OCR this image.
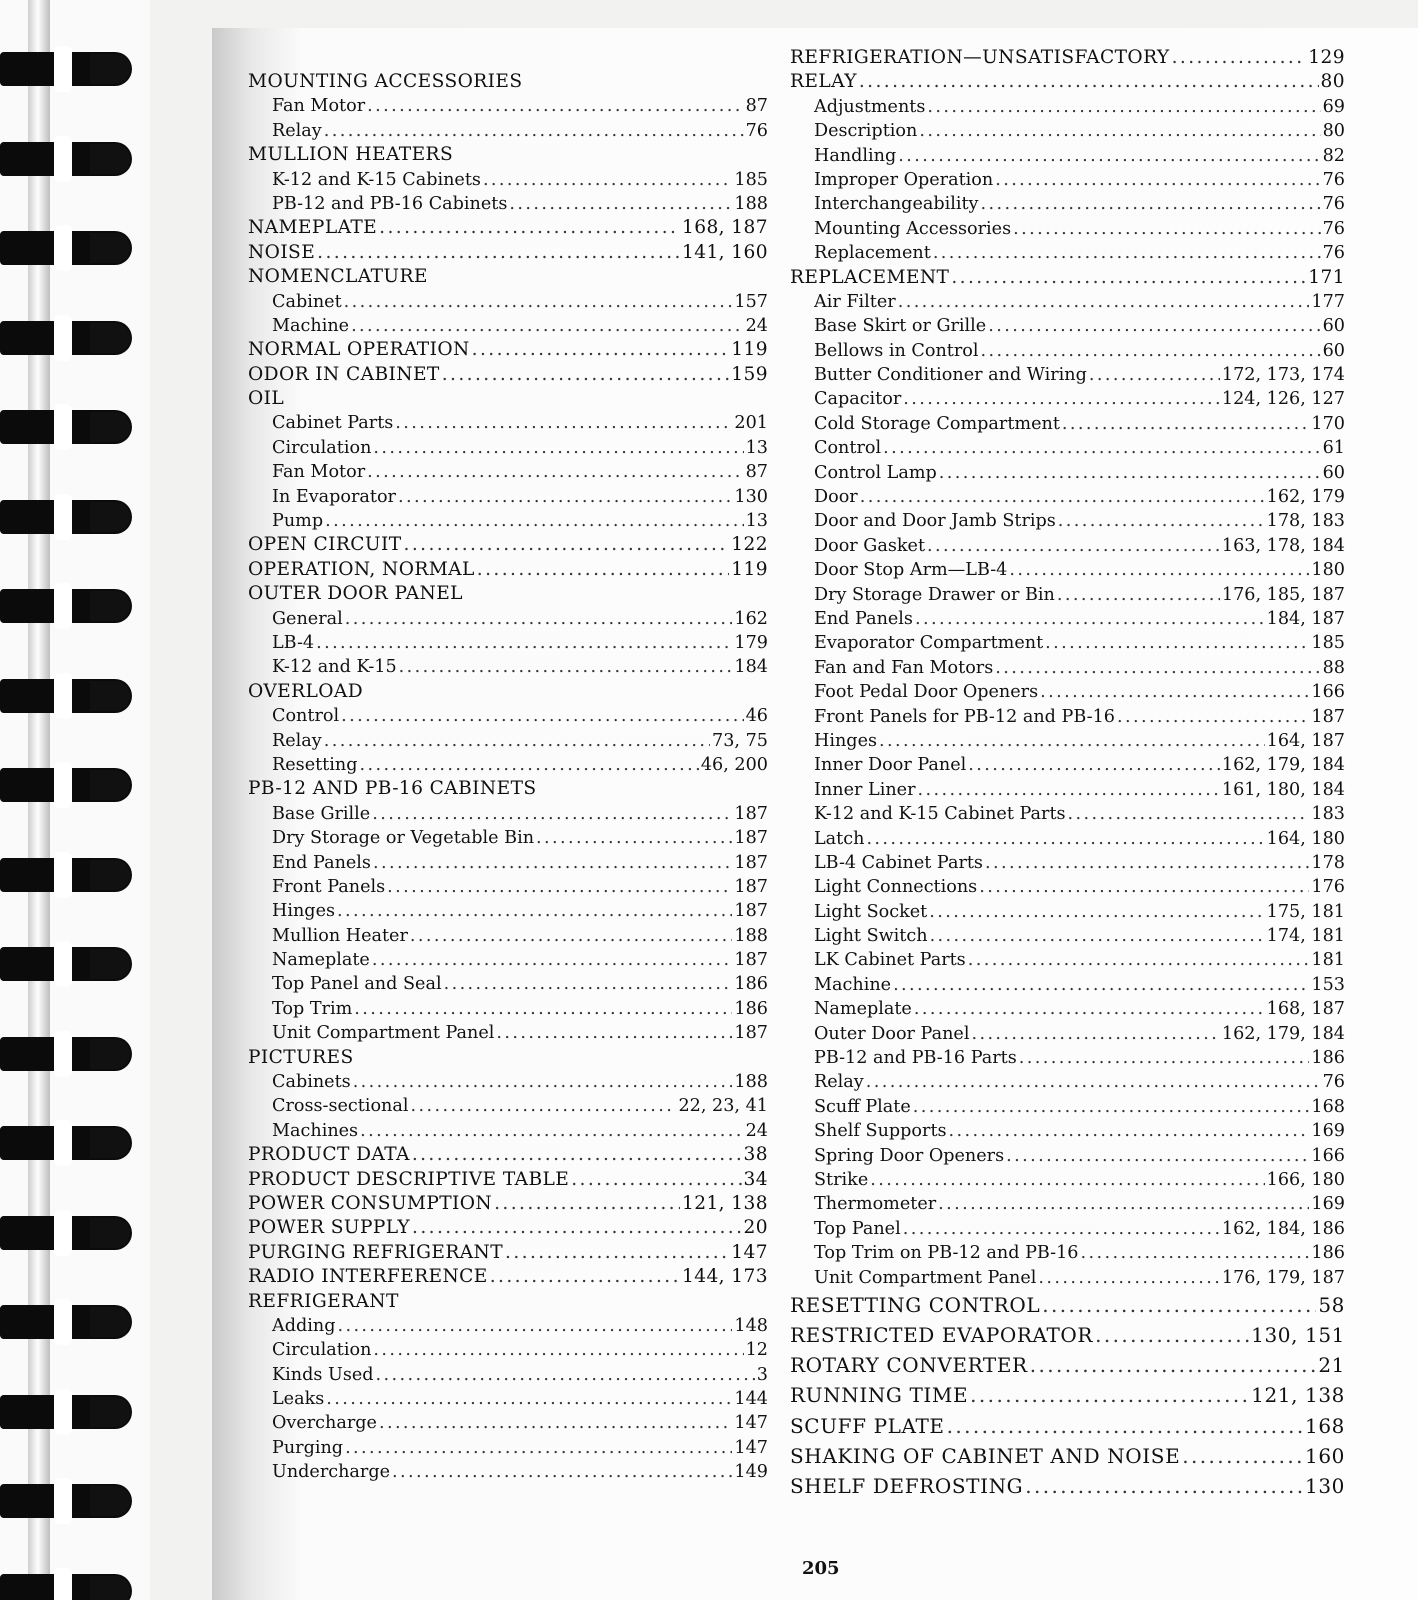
MOUNTING ACCESSORIES
Fan Motor .....	87
Relay .....	76
MULLION HEATERS
K-12 and K-15 Cabinets .....	185
PB-12 and PB-16 Cabinets .....	188
NAMEPLATE .....	168, 187
NOISE .....	141, 160
NOMENCLATURE
Cabinet .....	157
Machine .....	24
NORMAL OPERATION .....	119
ODOR IN CABINET .....	159
OIL
Cabinet Parts .....	201
Circulation .....	13
Fan Motor .....	87
In Evaporator .....	130
Pump .....	13
OPEN CIRCUIT .....	122
OPERATION, NORMAL .....	119
OUTER DOOR PANEL
General .....	162
LB-4 .....	179
K-12 and K-15 .....	184
OVERLOAD
Control .....	46
Relay .....	73, 75
Resetting .....	46, 200
PB-12 AND PB-16 CABINETS
Base Grille .....	187
Dry Storage or Vegetable Bin .....	187
End Panels .....	187
Front Panels .....	187
Hinges .....	187
Mullion Heater .....	188
Nameplate .....	187
Top Panel and Seal .....	186
Top Trim .....	186
Unit Compartment Panel .....	187
PICTURES
Cabinets .....	188
Cross-sectional .....	22, 23, 41
Machines .....	24
PRODUCT DATA .....	38
PRODUCT DESCRIPTIVE TABLE .....	34
POWER CONSUMPTION .....	121, 138
POWER SUPPLY .....	20
PURGING REFRIGERANT .....	147
RADIO INTERFERENCE .....	144, 173
REFRIGERANT
Adding .....	148
Circulation .....	12
Kinds Used .....	3
Leaks .....	144
Overcharge .....	147
Purging .....	147
Undercharge .....	149
REFRIGERATION—UNSATISFACTORY .....	129
RELAY .....	80
Adjustments .....	69
Description .....	80
Handling .....	82
Improper Operation .....	76
Interchangeability .....	76
Mounting Accessories .....	76
Replacement .....	76
REPLACEMENT .....	171
Air Filter .....	177
Base Skirt or Grille .....	60
Bellows in Control .....	60
Butter Conditioner and Wiring .....	172, 173, 174
Capacitor .....	124, 126, 127
Cold Storage Compartment .....	170
Control .....	61
Control Lamp .....	60
Door .....	162, 179
Door and Door Jamb Strips .....	178, 183
Door Gasket .....	163, 178, 184
Door Stop Arm—LB-4 .....	180
Dry Storage Drawer or Bin .....	176, 185, 187
End Panels .....	184, 187
Evaporator Compartment .....	185
Fan and Fan Motors .....	88
Foot Pedal Door Openers .....	166
Front Panels for PB-12 and PB-16 .....	187
Hinges .....	164, 187
Inner Door Panel .....	162, 179, 184
Inner Liner .....	161, 180, 184
K-12 and K-15 Cabinet Parts .....	183
Latch .....	164, 180
LB-4 Cabinet Parts .....	178
Light Connections .....	176
Light Socket .....	175, 181
Light Switch .....	174, 181
LK Cabinet Parts .....	181
Machine .....	153
Nameplate .....	168, 187
Outer Door Panel .....	162, 179, 184
PB-12 and PB-16 Parts .....	186
Relay .....	76
Scuff Plate .....	168
Shelf Supports .....	169
Spring Door Openers .....	166
Strike .....	166, 180
Thermometer .....	169
Top Panel .....	162, 184, 186
Top Trim on PB-12 and PB-16 .....	186
Unit Compartment Panel .....	176, 179, 187
RESETTING CONTROL .....	58
RESTRICTED EVAPORATOR .....	130, 151
ROTARY CONVERTER .....	21
RUNNING TIME .....	121, 138
SCUFF PLATE .....	168
SHAKING OF CABINET AND NOISE .....	160
SHELF DEFROSTING .....	130
205
